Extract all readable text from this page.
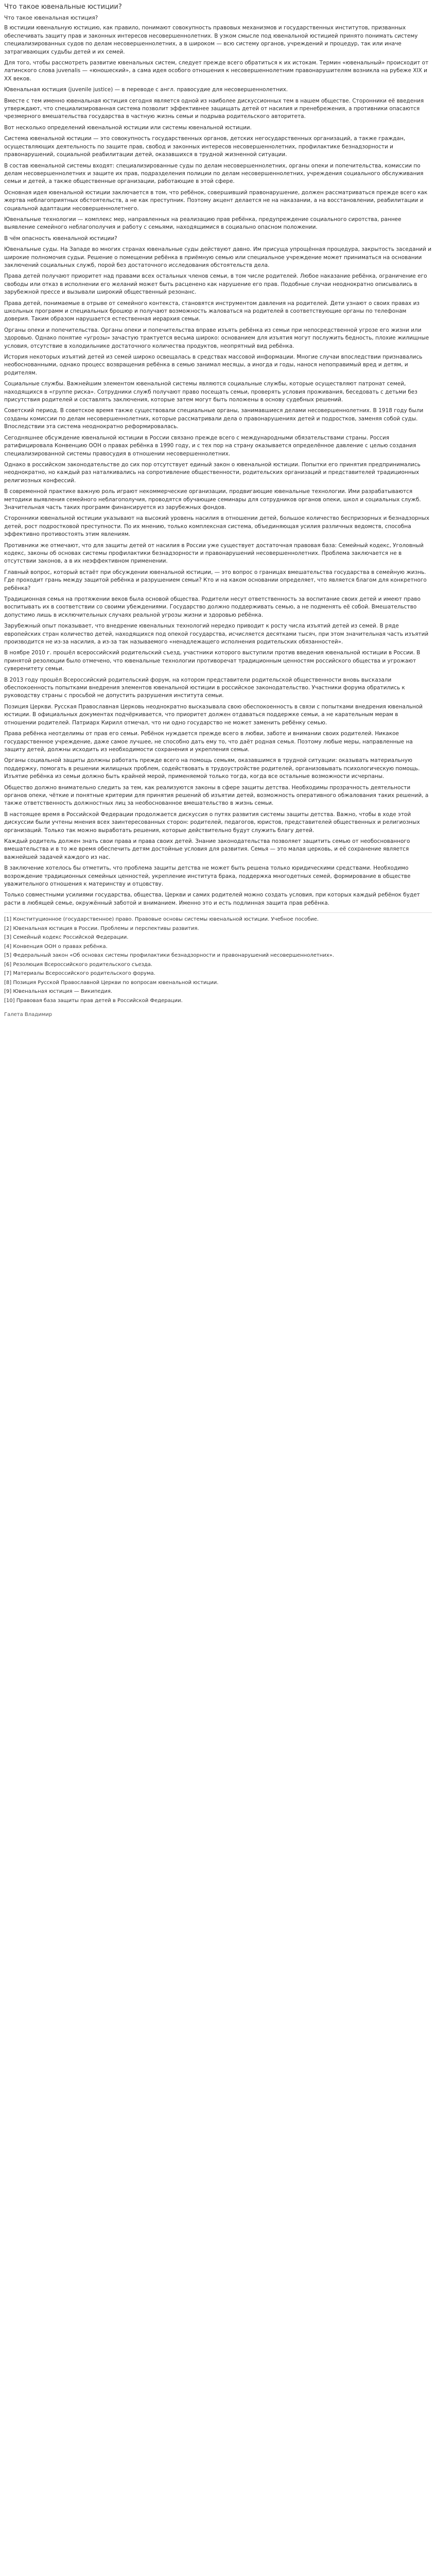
Что такое ювенальные юстиции?

Что такое ювенальная юстиция?

В юстиции ювенальную юстицию, как правило, понимают совокупность правовых механизмов и государственных институтов, призванных обеспечивать защиту прав и законных интересов несовершеннолетних. В узком смысле под ювенальной юстицией принято понимать систему специализированных судов по делам несовершеннолетних, а в широком — всю систему органов, учреждений и процедур, так или иначе затрагивающих судьбы детей и их семей.

Для того, чтобы рассмотреть развитие ювенальных систем, следует прежде всего обратиться к их истокам. Термин «ювенальный» происходит от латинского слова juvenalis — «юношеский», а сама идея особого отношения к несовершеннолетним правонарушителям возникла на рубеже XIX и XX веков.

Ювенальная юстиция (juvenile justice) — в переводе с англ. правосудие для несовершеннолетних.

Вместе с тем именно ювенальная юстиция сегодня является одной из наиболее дискуссионных тем в нашем обществе. Сторонники её введения утверждают, что специализированная система позволит эффективнее защищать детей от насилия и пренебрежения, а противники опасаются чрезмерного вмешательства государства в частную жизнь семьи и подрыва родительского авторитета.

Вот несколько определений ювенальной юстиции или системы ювенальной юстиции.

Система ювенальной юстиции — это совокупность государственных органов, детских негосударственных организаций, а также граждан, осуществляющих деятельность по защите прав, свобод и законных интересов несовершеннолетних, профилактике безнадзорности и правонарушений, социальной реабилитации детей, оказавшихся в трудной жизненной ситуации.

В состав ювенальной системы входят: специализированные суды по делам несовершеннолетних, органы опеки и попечительства, комиссии по делам несовершеннолетних и защите их прав, подразделения полиции по делам несовершеннолетних, учреждения социального обслуживания семьи и детей, а также общественные организации, работающие в этой сфере.

Основная идея ювенальной юстиции заключается в том, что ребёнок, совершивший правонарушение, должен рассматриваться прежде всего как жертва неблагоприятных обстоятельств, а не как преступник. Поэтому акцент делается не на наказании, а на восстановлении, реабилитации и социальной адаптации несовершеннолетнего.

Ювенальные технологии — комплекс мер, направленных на реализацию прав ребёнка, предупреждение социального сиротства, раннее выявление семейного неблагополучия и работу с семьями, находящимися в социально опасном положении.

В чём опасность ювенальной юстиции?

Ювенальные суды. На Западе во многих странах ювенальные суды действуют давно. Им присуща упрощённая процедура, закрытость заседаний и широкие полномочия судьи. Решение о помещении ребёнка в приёмную семью или специальное учреждение может приниматься на основании заключений социальных служб, порой без достаточного исследования обстоятельств дела.

Права детей получают приоритет над правами всех остальных членов семьи, в том числе родителей. Любое наказание ребёнка, ограничение его свободы или отказ в исполнении его желаний может быть расценено как нарушение его прав. Подобные случаи неоднократно описывались в зарубежной прессе и вызывали широкий общественный резонанс.

Права детей, понимаемые в отрыве от семейного контекста, становятся инструментом давления на родителей. Дети узнают о своих правах из школьных программ и специальных брошюр и получают возможность жаловаться на родителей в соответствующие органы по телефонам доверия. Таким образом нарушается естественная иерархия семьи.

Органы опеки и попечительства. Органы опеки и попечительства вправе изъять ребёнка из семьи при непосредственной угрозе его жизни или здоровью. Однако понятие «угрозы» зачастую трактуется весьма широко: основанием для изъятия могут послужить бедность, плохие жилищные условия, отсутствие в холодильнике достаточного количества продуктов, неопрятный вид ребёнка.

История некоторых изъятий детей из семей широко освещалась в средствах массовой информации. Многие случаи впоследствии признавались необоснованными, однако процесс возвращения ребёнка в семью занимал месяцы, а иногда и годы, нанося непоправимый вред и детям, и родителям.

Социальные службы. Важнейшим элементом ювенальной системы являются социальные службы, которые осуществляют патронат семей, находящихся в «группе риска». Сотрудники служб получают право посещать семьи, проверять условия проживания, беседовать с детьми без присутствия родителей и составлять заключения, которые затем могут быть положены в основу судебных решений.

Советский период. В советское время также существовали специальные органы, занимавшиеся делами несовершеннолетних. В 1918 году были созданы комиссии по делам несовершеннолетних, которые рассматривали дела о правонарушениях детей и подростков, заменяя собой суды. Впоследствии эта система неоднократно реформировалась.

Сегодняшнее обсуждение ювенальной юстиции в России связано прежде всего с международными обязательствами страны. Россия ратифицировала Конвенцию ООН о правах ребёнка в 1990 году, и с тех пор на страну оказывается определённое давление с целью создания специализированной системы правосудия в отношении несовершеннолетних.

Однако в российском законодательстве до сих пор отсутствует единый закон о ювенальной юстиции. Попытки его принятия предпринимались неоднократно, но каждый раз наталкивались на сопротивление общественности, родительских организаций и представителей традиционных религиозных конфессий.

В современной практике важную роль играют некоммерческие организации, продвигающие ювенальные технологии. Ими разрабатываются методики выявления семейного неблагополучия, проводятся обучающие семинары для сотрудников органов опеки, школ и социальных служб. Значительная часть таких программ финансируется из зарубежных фондов.

Сторонники ювенальной юстиции указывают на высокий уровень насилия в отношении детей, большое количество беспризорных и безнадзорных детей, рост подростковой преступности. По их мнению, только комплексная система, объединяющая усилия различных ведомств, способна эффективно противостоять этим явлениям.

Противники же отмечают, что для защиты детей от насилия в России уже существует достаточная правовая база: Семейный кодекс, Уголовный кодекс, законы об основах системы профилактики безнадзорности и правонарушений несовершеннолетних. Проблема заключается не в отсутствии законов, а в их неэффективном применении.

Главный вопрос, который встаёт при обсуждении ювенальной юстиции, — это вопрос о границах вмешательства государства в семейную жизнь. Где проходит грань между защитой ребёнка и разрушением семьи? Кто и на каком основании определяет, что является благом для конкретного ребёнка?

Традиционная семья на протяжении веков была основой общества. Родители несут ответственность за воспитание своих детей и имеют право воспитывать их в соответствии со своими убеждениями. Государство должно поддерживать семью, а не подменять её собой. Вмешательство допустимо лишь в исключительных случаях реальной угрозы жизни и здоровью ребёнка.

Зарубежный опыт показывает, что внедрение ювенальных технологий нередко приводит к росту числа изъятий детей из семей. В ряде европейских стран количество детей, находящихся под опекой государства, исчисляется десятками тысяч, при этом значительная часть изъятий производится не из-за насилия, а из-за так называемого «ненадлежащего исполнения родительских обязанностей».

В ноябре 2010 г. прошёл всероссийский родительский съезд, участники которого выступили против введения ювенальной юстиции в России. В принятой резолюции было отмечено, что ювенальные технологии противоречат традиционным ценностям российского общества и угрожают суверенитету семьи.

В 2013 году прошёл Всероссийский родительский форум, на котором представители родительской общественности вновь высказали обеспокоенность попытками внедрения элементов ювенальной юстиции в российское законодательство. Участники форума обратились к руководству страны с просьбой не допустить разрушения института семьи.

Позиция Церкви. Русская Православная Церковь неоднократно высказывала свою обеспокоенность в связи с попытками внедрения ювенальной юстиции. В официальных документах подчёркивается, что приоритет должен отдаваться поддержке семьи, а не карательным мерам в отношении родителей. Патриарх Кирилл отмечал, что ни одно государство не может заменить ребёнку семью.

Права ребёнка неотделимы от прав его семьи. Ребёнок нуждается прежде всего в любви, заботе и внимании своих родителей. Никакое государственное учреждение, даже самое лучшее, не способно дать ему то, что даёт родная семья. Поэтому любые меры, направленные на защиту детей, должны исходить из необходимости сохранения и укрепления семьи.

Органы социальной защиты должны работать прежде всего на помощь семьям, оказавшимся в трудной ситуации: оказывать материальную поддержку, помогать в решении жилищных проблем, содействовать в трудоустройстве родителей, организовывать психологическую помощь. Изъятие ребёнка из семьи должно быть крайней мерой, применяемой только тогда, когда все остальные возможности исчерпаны.

Общество должно внимательно следить за тем, как реализуются законы в сфере защиты детства. Необходимы прозрачность деятельности органов опеки, чёткие и понятные критерии для принятия решений об изъятии детей, возможность оперативного обжалования таких решений, а также ответственность должностных лиц за необоснованное вмешательство в жизнь семьи.

В настоящее время в Российской Федерации продолжается дискуссия о путях развития системы защиты детства. Важно, чтобы в ходе этой дискуссии были учтены мнения всех заинтересованных сторон: родителей, педагогов, юристов, представителей общественных и религиозных организаций. Только так можно выработать решения, которые действительно будут служить благу детей.

Каждый родитель должен знать свои права и права своих детей. Знание законодательства позволяет защитить семью от необоснованного вмешательства и в то же время обеспечить детям достойные условия для развития. Семья — это малая церковь, и её сохранение является важнейшей задачей каждого из нас.

В заключение хотелось бы отметить, что проблема защиты детства не может быть решена только юридическими средствами. Необходимо возрождение традиционных семейных ценностей, укрепление института брака, поддержка многодетных семей, формирование в обществе уважительного отношения к материнству и отцовству.

Только совместными усилиями государства, общества, Церкви и самих родителей можно создать условия, при которых каждый ребёнок будет расти в любящей семье, окружённый заботой и вниманием. Именно это и есть подлинная защита прав ребёнка.

[1] Конституционное (государственное) право. Правовые основы системы ювенальной юстиции. Учебное пособие.

[2] Ювенальная юстиция в России. Проблемы и перспективы развития.

[3] Семейный кодекс Российской Федерации.

[4] Конвенция ООН о правах ребёнка.

[5] Федеральный закон «Об основах системы профилактики безнадзорности и правонарушений несовершеннолетних».

[6] Резолюция Всероссийского родительского съезда.

[7] Материалы Всероссийского родительского форума.

[8] Позиция Русской Православной Церкви по вопросам ювенальной юстиции.

[9] Ювенальная юстиция — Википедия.

[10] Правовая база защиты прав детей в Российской Федерации.

Галета Владимир
